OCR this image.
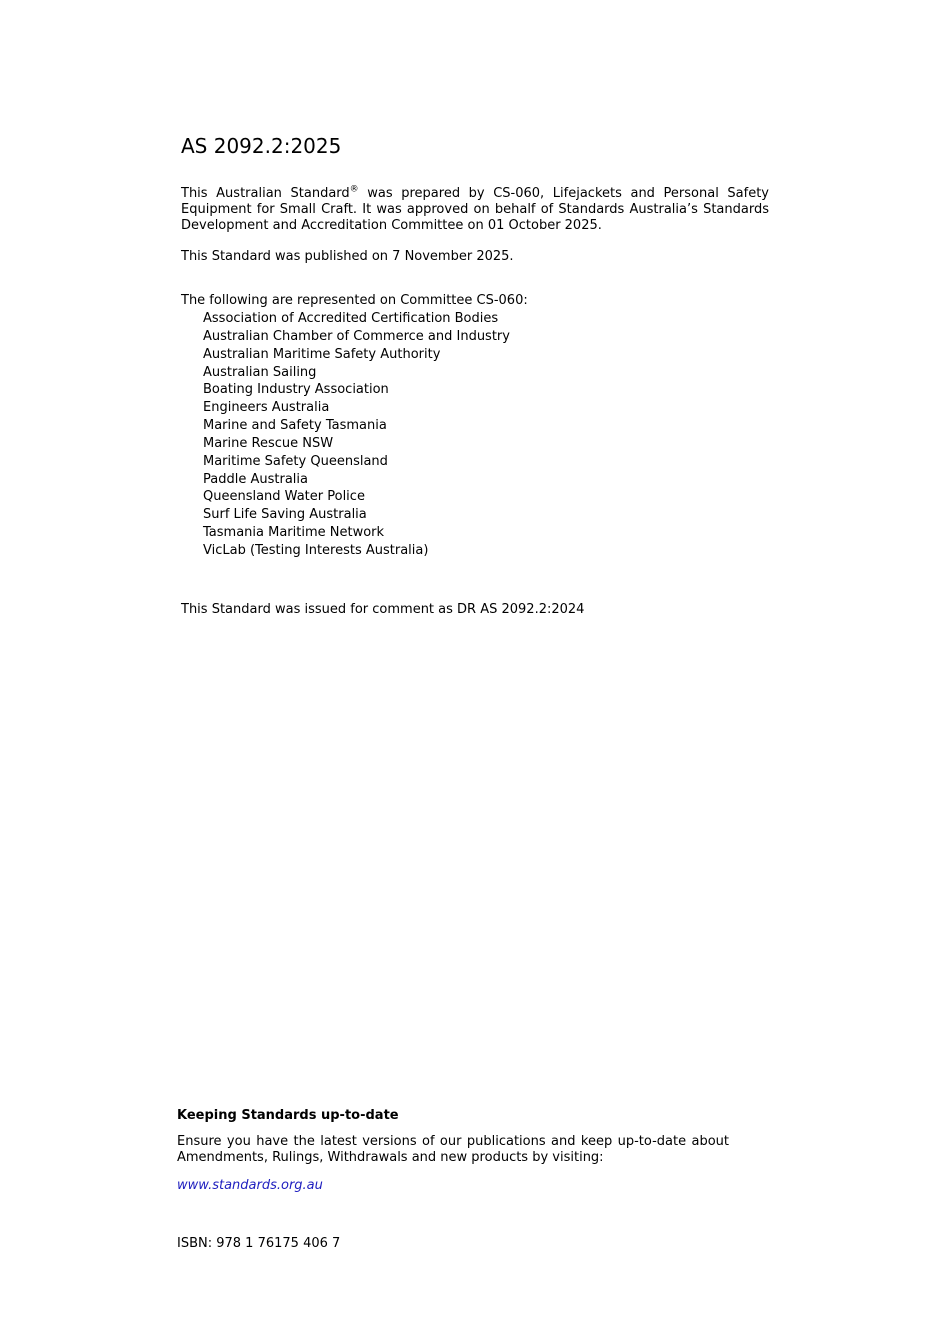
AS 2092.2:2025

This Australian Standard® was prepared by CS-060, Lifejackets and Personal Safety Equipment for Small Craft. It was approved on behalf of Standards Australia’s Standards Development and Accreditation Committee on 01 October 2025.

This Standard was published on 7 November 2025.

The following are represented on Committee CS-060:

Association of Accredited Certification Bodies
Australian Chamber of Commerce and Industry
Australian Maritime Safety Authority
Australian Sailing
Boating Industry Association
Engineers Australia
Marine and Safety Tasmania
Marine Rescue NSW
Maritime Safety Queensland
Paddle Australia
Queensland Water Police
Surf Life Saving Australia
Tasmania Maritime Network
VicLab (Testing Interests Australia)

This Standard was issued for comment as DR AS 2092.2:2024

Keeping Standards up-to-date

Ensure you have the latest versions of our publications and keep up-to-date about Amendments, Rulings, Withdrawals and new products by visiting:

www.standards.org.au

ISBN: 978 1 76175 406 7
